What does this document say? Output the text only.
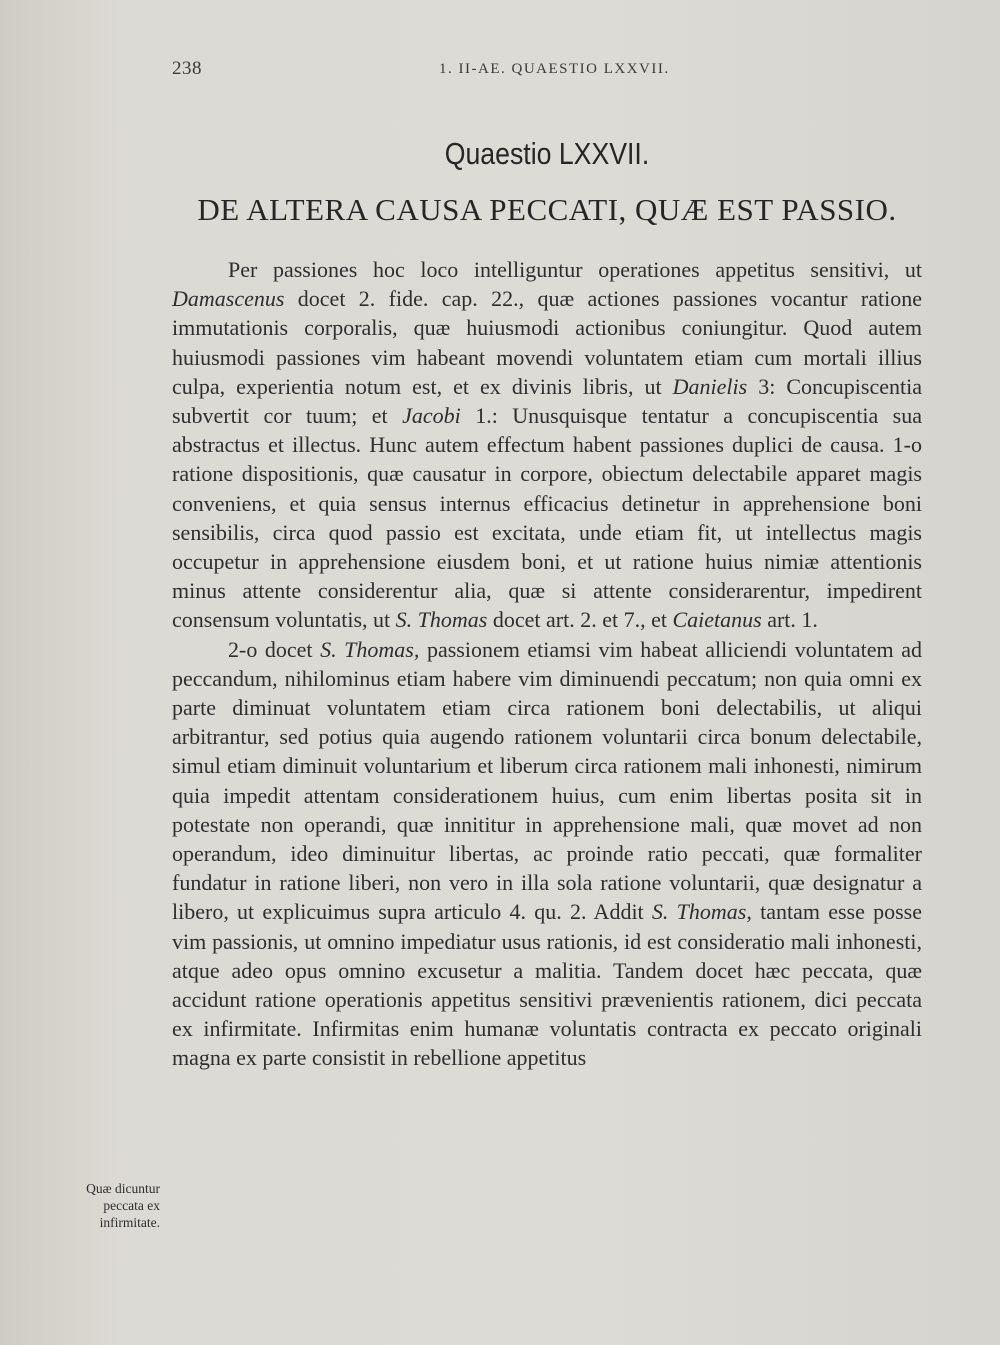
238	1. II-AE. QUAESTIO LXXVII.
Quaestio LXXVII.
DE ALTERA CAUSA PECCATI, QUÆ EST PASSIO.

Per passiones hoc loco intelliguntur operationes appetitus sensitivi, ut Damascenus docet 2. fide. cap. 22., quæ actiones passiones vocantur ratione immutationis corporalis, quæ huiusmodi actionibus coniungitur. Quod autem huiusmodi passiones vim habeant movendi voluntatem etiam cum mortali illius culpa, experientia notum est, et ex divinis libris, ut Danielis 3: Concupiscentia subvertit cor tuum; et Jacobi 1.: Unusquisque tentatur a concupiscentia sua abstractus et illectus. Hunc autem effectum habent passiones duplici de causa. 1-o ratione dispositionis, quæ causatur in corpore, obiectum delectabile apparet magis conveniens, et quia sensus internus efficacius detinetur in apprehensione boni sensibilis, circa quod passio est excitata, unde etiam fit, ut intellectus magis occupetur in apprehensione eiusdem boni, et ut ratione huius nimiæ attentionis minus attente considerentur alia, quæ si attente considerarentur, impedirent consensum voluntatis, ut S. Thomas docet art. 2. et 7., et Caietanus art. 1.

2-o docet S. Thomas, passionem etiamsi vim habeat alliciendi voluntatem ad peccandum, nihilominus etiam habere vim diminuendi peccatum; non quia omni ex parte diminuat voluntatem etiam circa rationem boni delectabilis, ut aliqui arbitrantur, sed potius quia augendo rationem voluntarii circa bonum delectabile, simul etiam diminuit voluntarium et liberum circa rationem mali inhonesti, nimirum quia impedit attentam considerationem huius, cum enim libertas posita sit in potestate non operandi, quæ innititur in apprehensione mali, quæ movet ad non operandum, ideo diminuitur libertas, ac proinde ratio peccati, quæ formaliter fundatur in ratione liberi, non vero in illa sola ratione voluntarii, quæ designatur a libero, ut explicuimus supra articulo 4. qu. 2. Addit S. Thomas, tantam esse posse vim passionis, ut omnino impediatur usus rationis, id est consideratio mali inhonesti, atque adeo opus omnino excusetur a malitia. Tandem docet hæc peccata, quæ accidunt ratione operationis appetitus sensitivi prævenientis rationem, dici peccata ex infirmitate. Infirmitas enim humanæ voluntatis contracta ex peccato originali magna ex parte consistit in rebellione appetitus

Quæ dicuntur
peccata ex
infirmitate.
